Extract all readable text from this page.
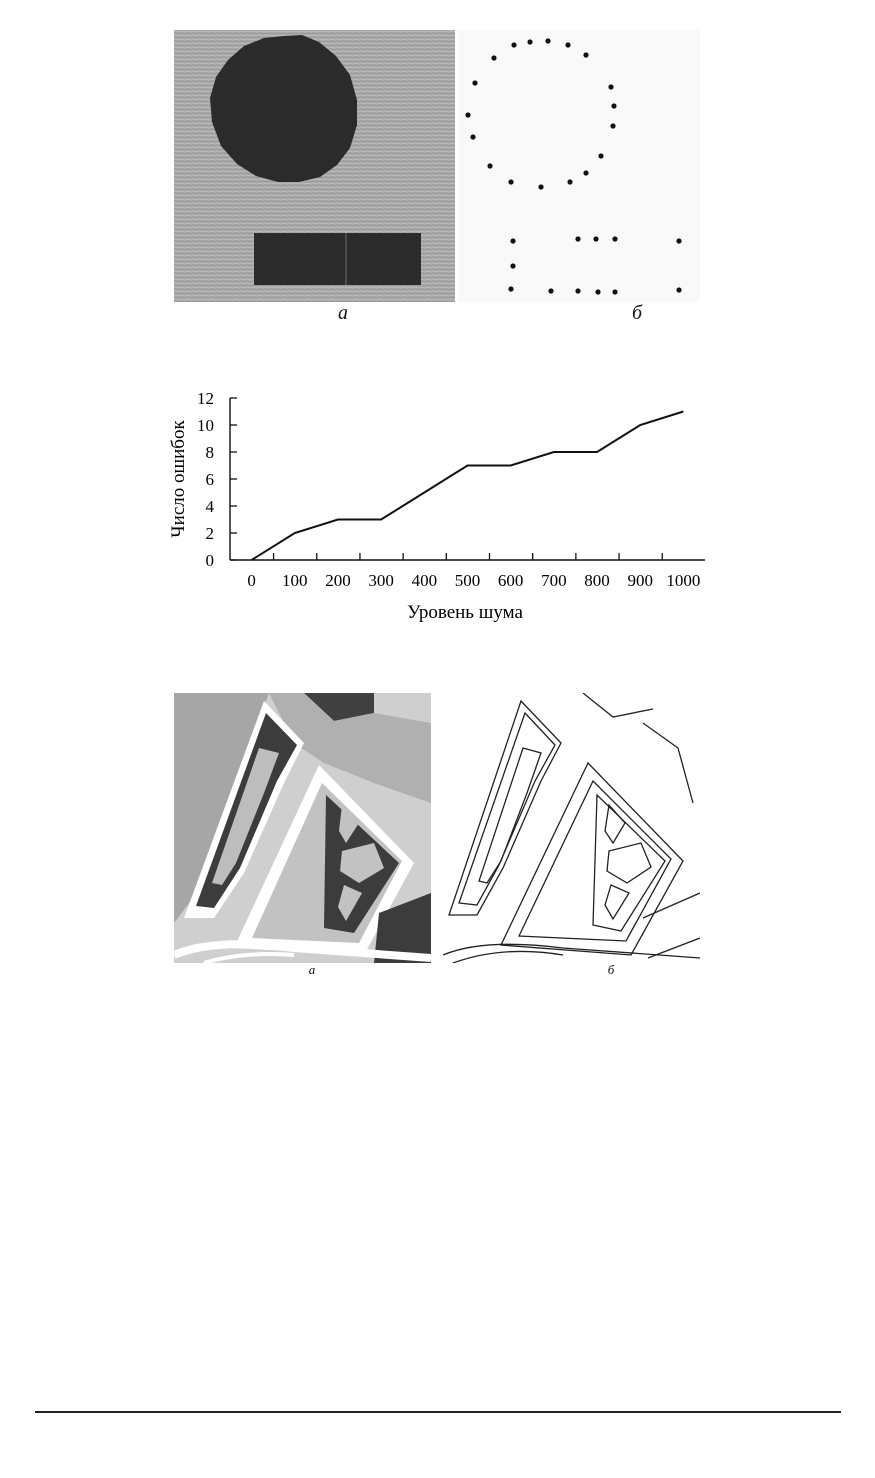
а	б
0
2
4
6
8
10
12
0 100 200 300 400 500 600 700 800 900 1000
Уровень шума
Число ошибок
а	б
